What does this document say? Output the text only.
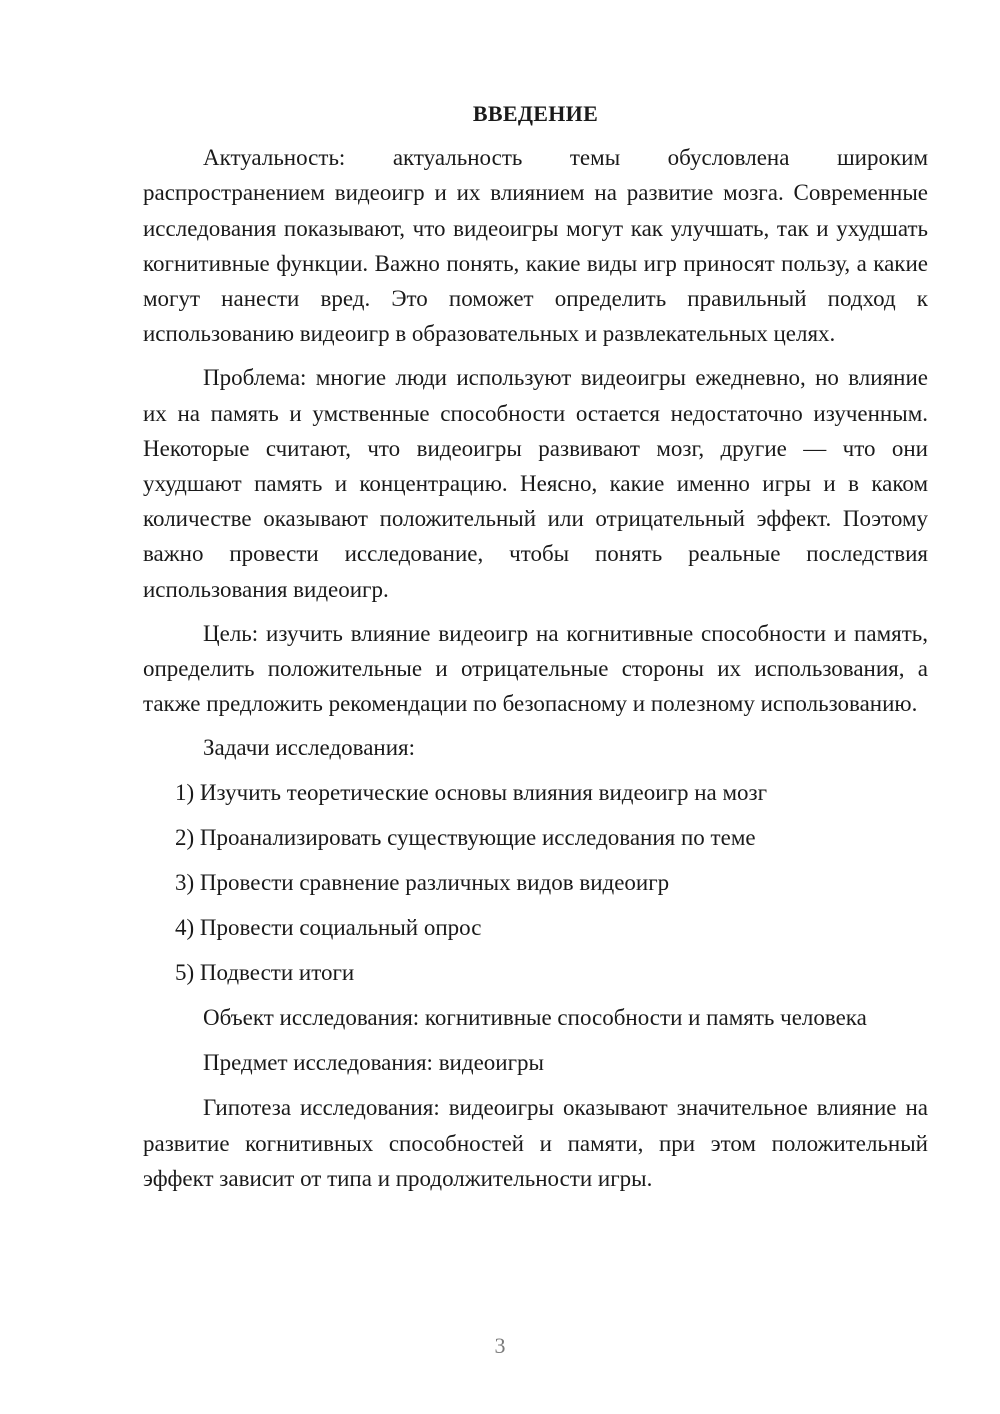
ВВЕДЕНИЕ

Актуальность: актуальность темы обусловлена широким распространением видеоигр и их влиянием на развитие мозга. Современные исследования показывают, что видеоигры могут как улучшать, так и ухудшать когнитивные функции. Важно понять, какие виды игр приносят пользу, а какие могут нанести вред. Это поможет определить правильный подход к использованию видеоигр в образовательных и развлекательных целях.

Проблема: многие люди используют видеоигры ежедневно, но влияние их на память и умственные способности остается недостаточно изученным. Некоторые считают, что видеоигры развивают мозг, другие — что они ухудшают память и концентрацию. Неясно, какие именно игры и в каком количестве оказывают положительный или отрицательный эффект. Поэтому важно провести исследование, чтобы понять реальные последствия использования видеоигр.

Цель: изучить влияние видеоигр на когнитивные способности и память, определить положительные и отрицательные стороны их использования, а также предложить рекомендации по безопасному и полезному использованию.

Задачи исследования:
1) Изучить теоретические основы влияния видеоигр на мозг
2) Проанализировать существующие исследования по теме
3) Провести сравнение различных видов видеоигр
4) Провести социальный опрос
5) Подвести итоги
Объект исследования: когнитивные способности и память человека
Предмет исследования: видеоигры

Гипотеза исследования: видеоигры оказывают значительное влияние на развитие когнитивных способностей и памяти, при этом положительный эффект зависит от типа и продолжительности игры.

3
